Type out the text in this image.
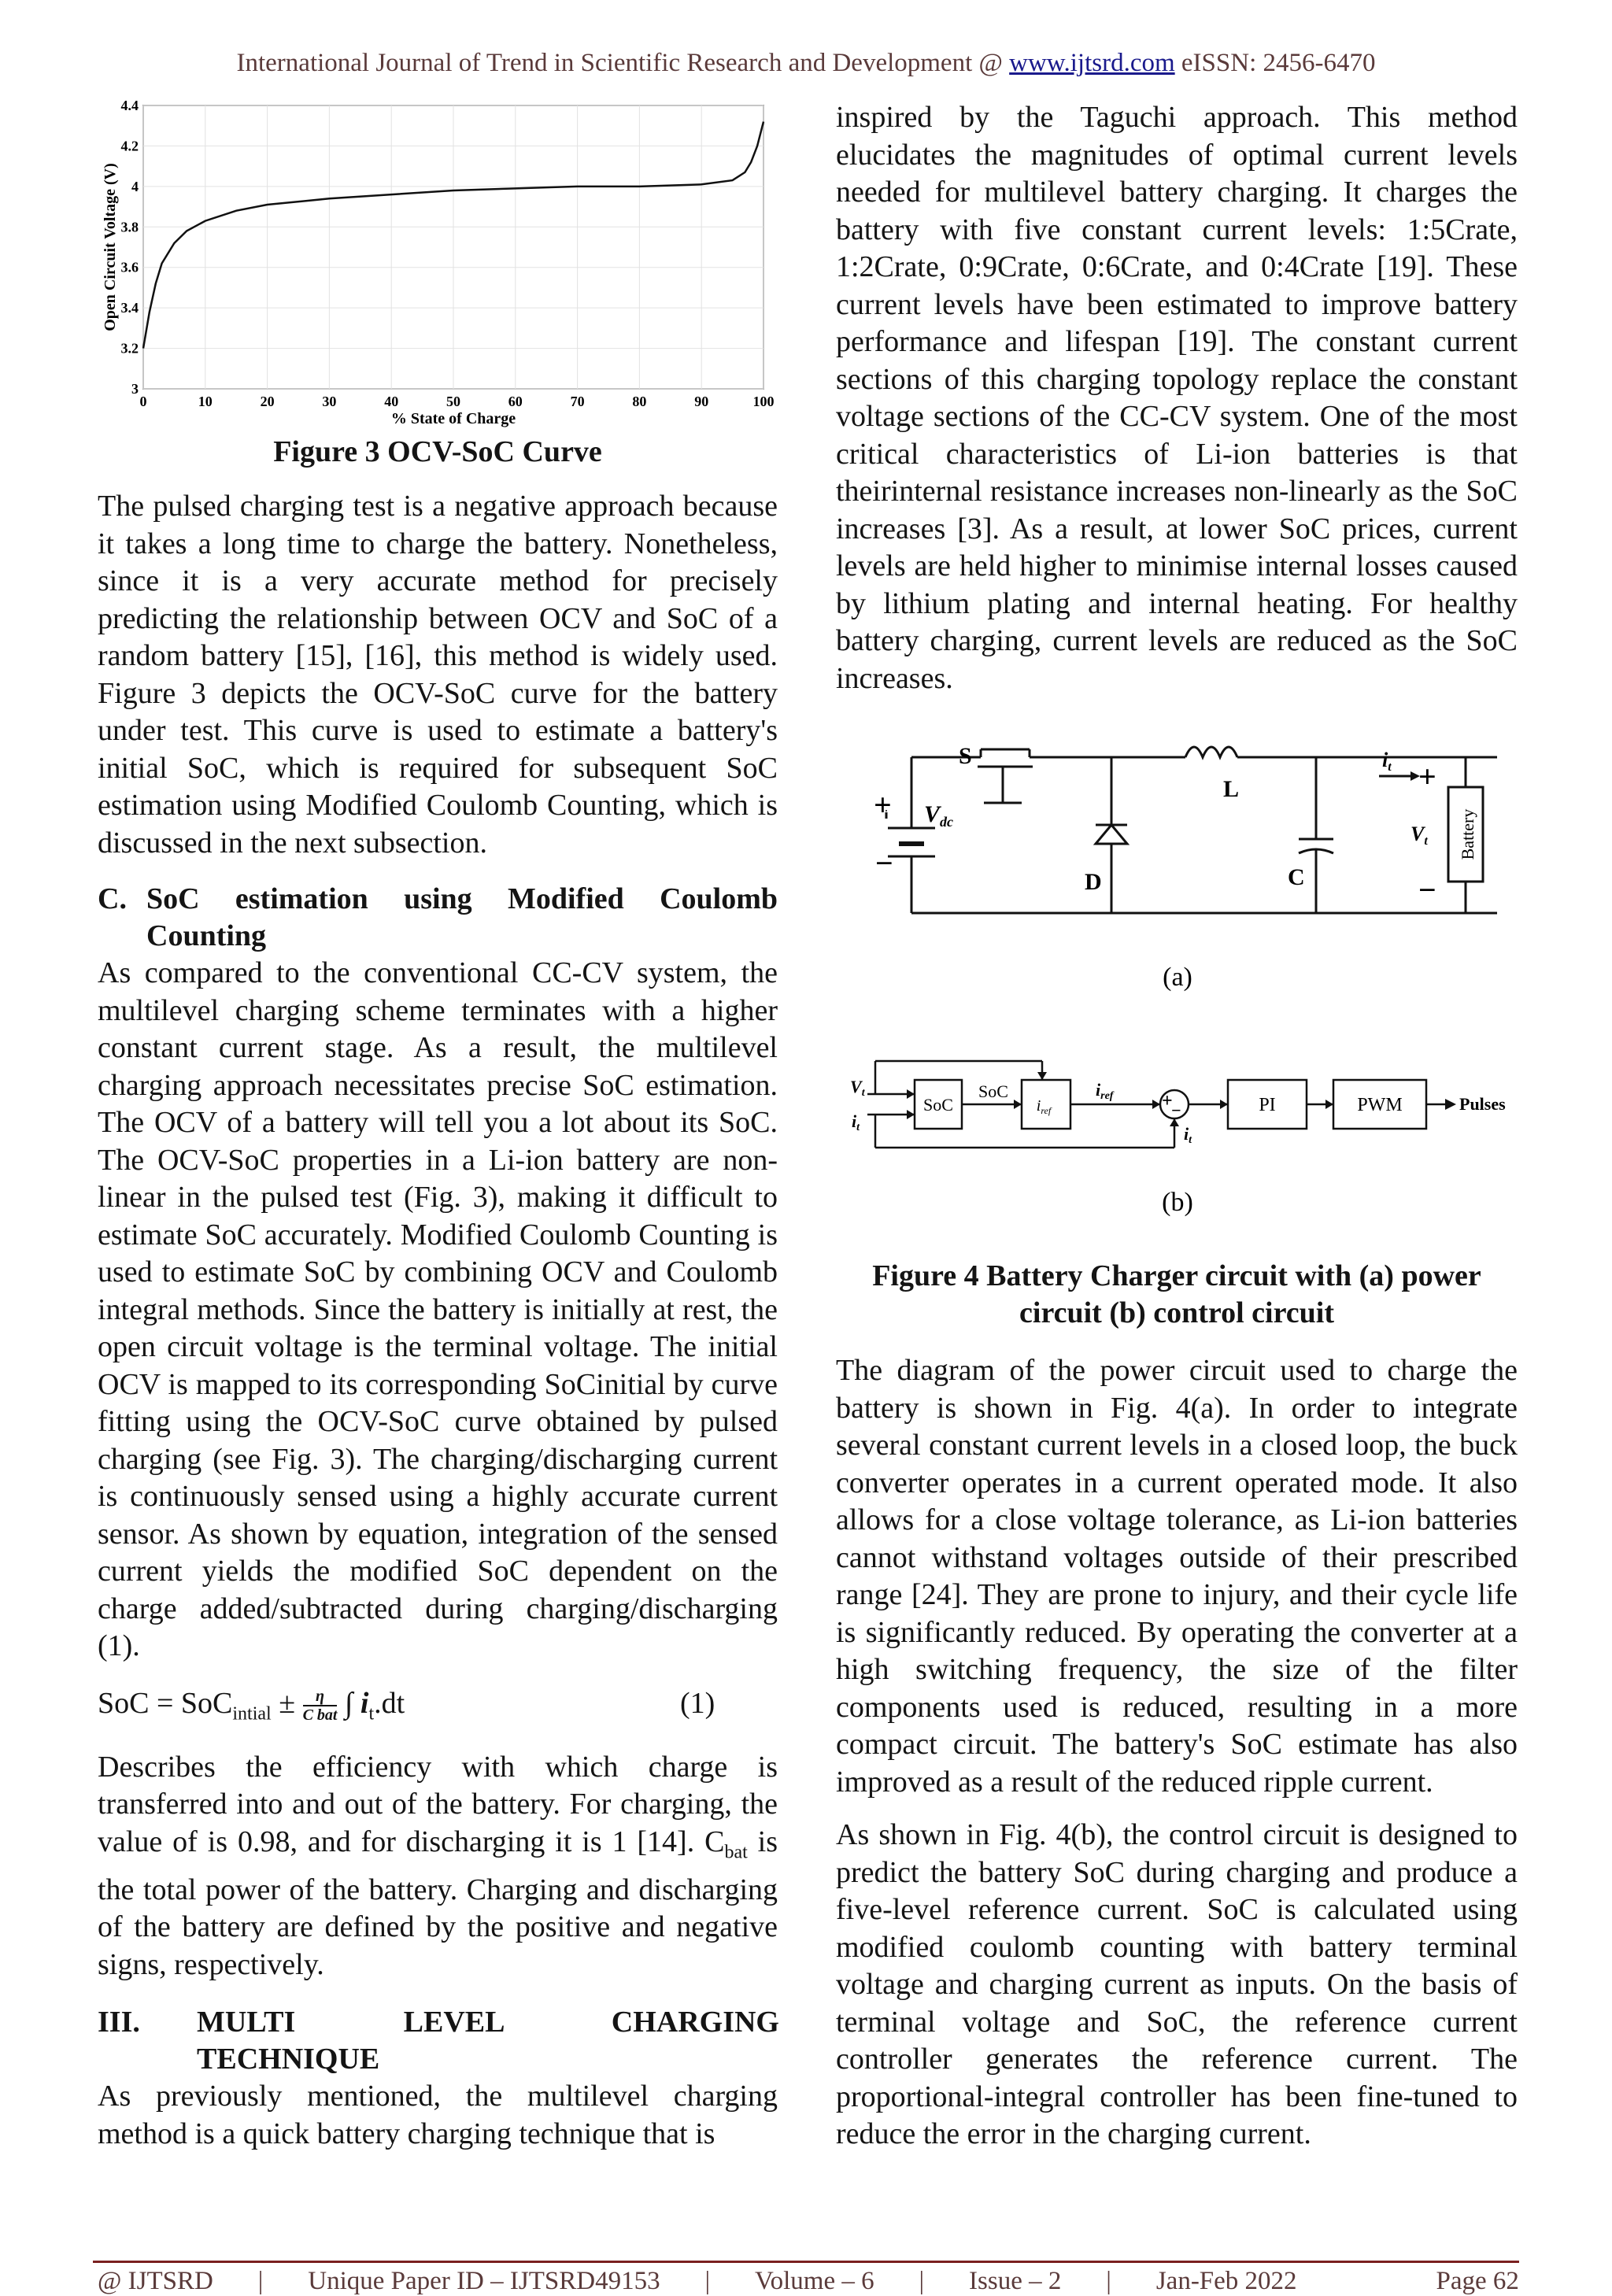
International Journal of Trend in Scientific Research and Development @ www.ijtsrd.com eISSN: 2456-6470
0	10	20	30	40	50	60	70	80	90	100
3
3.2
3.4
3.6
3.8
4
4.2
4.4
% State of Charge
Open Circuit Voltage (V)
Figure 3 OCV-SoC Curve

The pulsed charging test is a negative approach because it takes a long time to charge the battery. Nonetheless, since it is a very accurate method for precisely predicting the relationship between OCV and SoC of a random battery [15], [16], this method is widely used. Figure 3 depicts the OCV-SoC curve for the battery under test. This curve is used to estimate a battery's initial SoC, which is required for subsequent SoC estimation using Modified Coulomb Counting, which is discussed in the next subsection.

C. SoC estimation using Modified Coulomb Counting

As compared to the conventional CC-CV system, the multilevel charging scheme terminates with a higher constant current stage. As a result, the multilevel charging approach necessitates precise SoC estimation. The OCV of a battery will tell you a lot about its SoC. The OCV-SoC properties in a Li-ion battery are non-linear in the pulsed test (Fig. 3), making it difficult to estimate SoC accurately. Modified Coulomb Counting is used to estimate SoC by combining OCV and Coulomb integral methods. Since the battery is initially at rest, the open circuit voltage is the terminal voltage. The initial OCV is mapped to its corresponding SoCinitial by curve fitting using the OCV-SoC curve obtained by pulsed charging (see Fig. 3). The charging/discharging current is continuously sensed using a highly accurate current sensor. As shown by equation, integration of the sensed current yields the modified SoC dependent on the charge added/subtracted during charging/discharging (1).

SoC = SoC$_{intial}$ ±	η
C bat ∫ $i_t.dt$	(1)

Describes the efficiency with which charge is transferred into and out of the battery. For charging, the value of is 0.98, and for discharging it is 1 [14]. $C_{bat}$ is the total power of the battery. Charging and discharging of the battery are defined by the positive and negative signs, respectively.

III. MULTI LEVEL CHARGING TECHNIQUE

As previously mentioned, the multilevel charging method is a quick battery charging technique that is

inspired by the Taguchi approach. This method elucidates the magnitudes of optimal current levels needed for multilevel battery charging. It charges the battery with five constant current levels: 1:5Crate, 1:2Crate, 0:9Crate, 0:6Crate, and 0:4Crate [19]. These current levels have been estimated to improve battery performance and lifespan [19]. The constant current sections of this charging topology replace the constant voltage sections of the CC-CV system. One of the most critical characteristics of Li-ion batteries is that theirinternal resistance increases non-linearly as the SoC increases [3]. As a result, at lower SoC prices, current levels are held higher to minimise internal losses caused by lithium plating and internal heating. For healthy battery charging, current levels are reduced as the SoC increases.

S
L
D	C
+
−
$V_{dc}$
it
Vt
+
−
Battery
(a)
Vt
it
SoC
SoC
$i_{ref}$
iref	+
−
it
PI	PWM	Pulses
(b)
Figure 4 Battery Charger circuit with (a) power circuit (b) control circuit

The diagram of the power circuit used to charge the battery is shown in Fig. 4(a). In order to integrate several constant current levels in a closed loop, the buck converter operates in a current operated mode. It also allows for a close voltage tolerance, as Li-ion batteries cannot withstand voltages outside of their prescribed range [24]. They are prone to injury, and their cycle life is significantly reduced. By operating the converter at a high switching frequency, the size of the filter components used is reduced, resulting in a more compact circuit. The battery's SoC estimate has also improved as a result of the reduced ripple current.

As shown in Fig. 4(b), the control circuit is designed to predict the battery SoC during charging and produce a five-level reference current. SoC is calculated using modified coulomb counting with battery terminal voltage and charging current as inputs. On the basis of terminal voltage and SoC, the reference current controller generates the reference current. The proportional-integral controller has been fine-tuned to reduce the error in the charging current.

@ IJTSRD | Unique Paper ID – IJTSRD49153 | Volume – 6 | Issue – 2 | Jan-Feb 2022	Page 62
